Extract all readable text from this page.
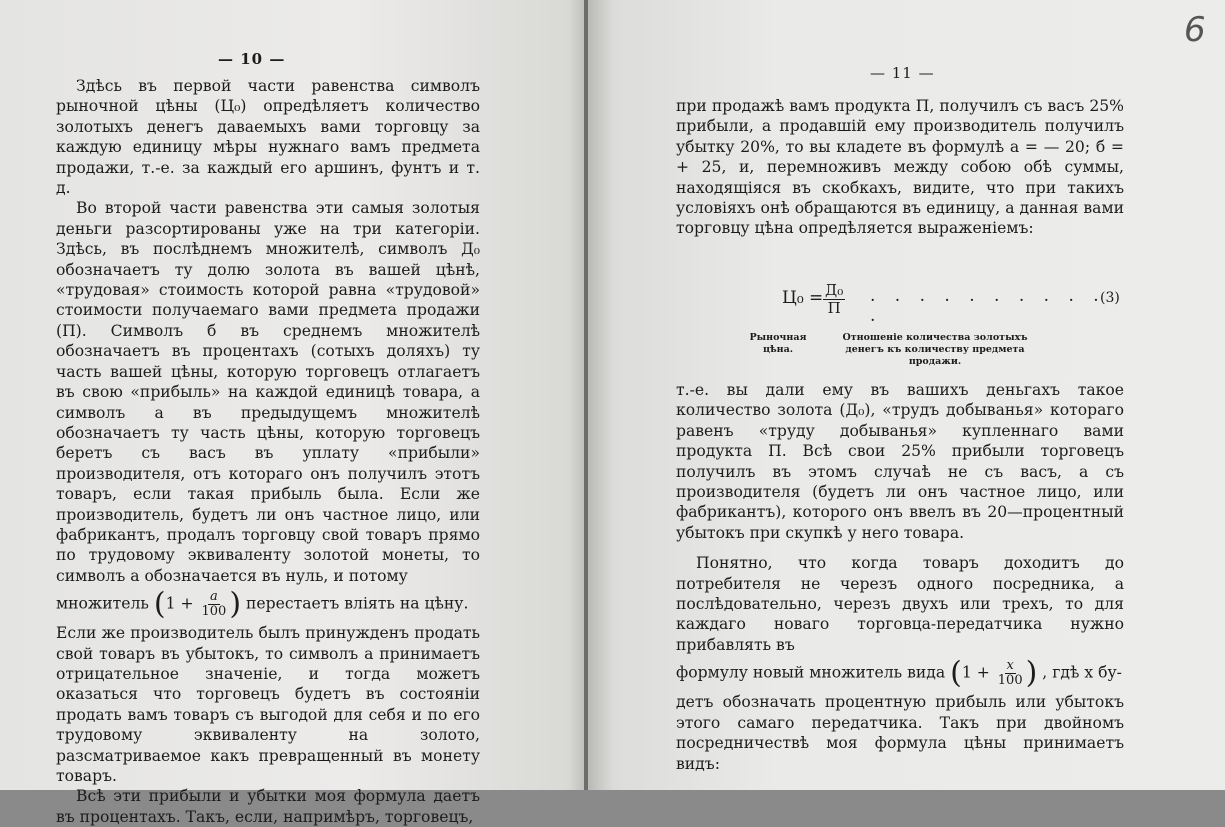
— 10 —
— 11 —
6

Здѣсь въ первой части равенства символъ рыночной цѣны (Ц₀) опредѣляетъ количество золотыхъ денегъ даваемыхъ вами торговцу за каждую единицу мѣры нужнаго вамъ предмета продажи, т.-е. за каждый его аршинъ, фунтъ и т. д.

Во второй части равенства эти самыя золотыя деньги разсортированы уже на три категоріи. Здѣсь, въ послѣднемъ множителѣ, символъ Д₀ обозначаетъ ту долю золота въ вашей цѣнѣ, «трудовая» стоимость которой равна «трудовой» стоимости получаемаго вами предмета продажи (П). Символъ б въ среднемъ множителѣ обозначаетъ въ процентахъ (сотыхъ доляхъ) ту часть вашей цѣны, которую торговецъ отлагаетъ въ свою «прибыль» на каждой единицѣ товара, а символъ а въ предыдущемъ множителѣ обозначаетъ ту часть цѣны, которую торговецъ беретъ съ васъ въ уплату «прибыли» производителя, отъ котораго онъ получилъ этотъ товаръ, если такая прибыль была. Если же производитель, будетъ ли онъ частное лицо, или фабрикантъ, продалъ торговцу свой товаръ прямо по трудовому эквиваленту золотой монеты, то символъ а обозначается въ нуль, и потому

множитель ($1 + \frac{a}{100}$ ) перестаетъ вліять на цѣну.

Если же производитель былъ принужденъ продать свой товаръ въ убытокъ, то символъ а принимаетъ отрицательное значеніе, и тогда можетъ оказаться что торговецъ будетъ въ состояніи продать вамъ товаръ съ выгодой для себя и по его трудовому эквиваленту на золото, разсматриваемое какъ превращенный въ монету товаръ.

Всѣ эти прибыли и убытки моя формула даетъ въ процентахъ. Такъ, если, напримѣръ, торговецъ,

при продажѣ вамъ продукта П, получилъ съ васъ 25% прибыли, а продавшій ему производитель получилъ убытку 20%, то вы кладете въ формулѣ а = — 20; б = + 25, и, перемноживъ между собою обѣ суммы, находящіяся въ скобкахъ, видите, что при такихъ условіяхъ онѣ обращаются въ единицу, а данная вами торговцу цѣна опредѣляется выраженіемъ:

$Ц_0 = \frac{\text{Д₀}}{П}$ . . . . . . . . . . .
(3)
Рыночная цѣна.
Отношеніе количества золотыхъ денегъ къ количеству предмета продажи.

т.-е. вы дали ему въ вашихъ деньгахъ такое количество золота (Д₀), «трудъ добыванья» котораго равенъ «труду добыванья» купленнаго вами продукта П. Всѣ свои 25% прибыли торговецъ получилъ въ этомъ случаѣ не съ васъ, а съ производителя (будетъ ли онъ частное лицо, или фабрикантъ), которого онъ ввелъ въ 20—процентный убытокъ при скупкѣ у него товара.

Понятно, что когда товаръ доходитъ до потребителя не черезъ одного посредника, а послѣдовательно, черезъ двухъ или трехъ, то для каждаго новаго торговца-передатчика нужно прибавлять въ

формулу новый множитель вида ($1 + \frac{x}{100}$ ) , гдѣ x бу-

детъ обозначать процентную прибыль или убытокъ этого самаго передатчика. Такъ при двойномъ посредничествѣ моя формула цѣны принимаетъ видъ:
